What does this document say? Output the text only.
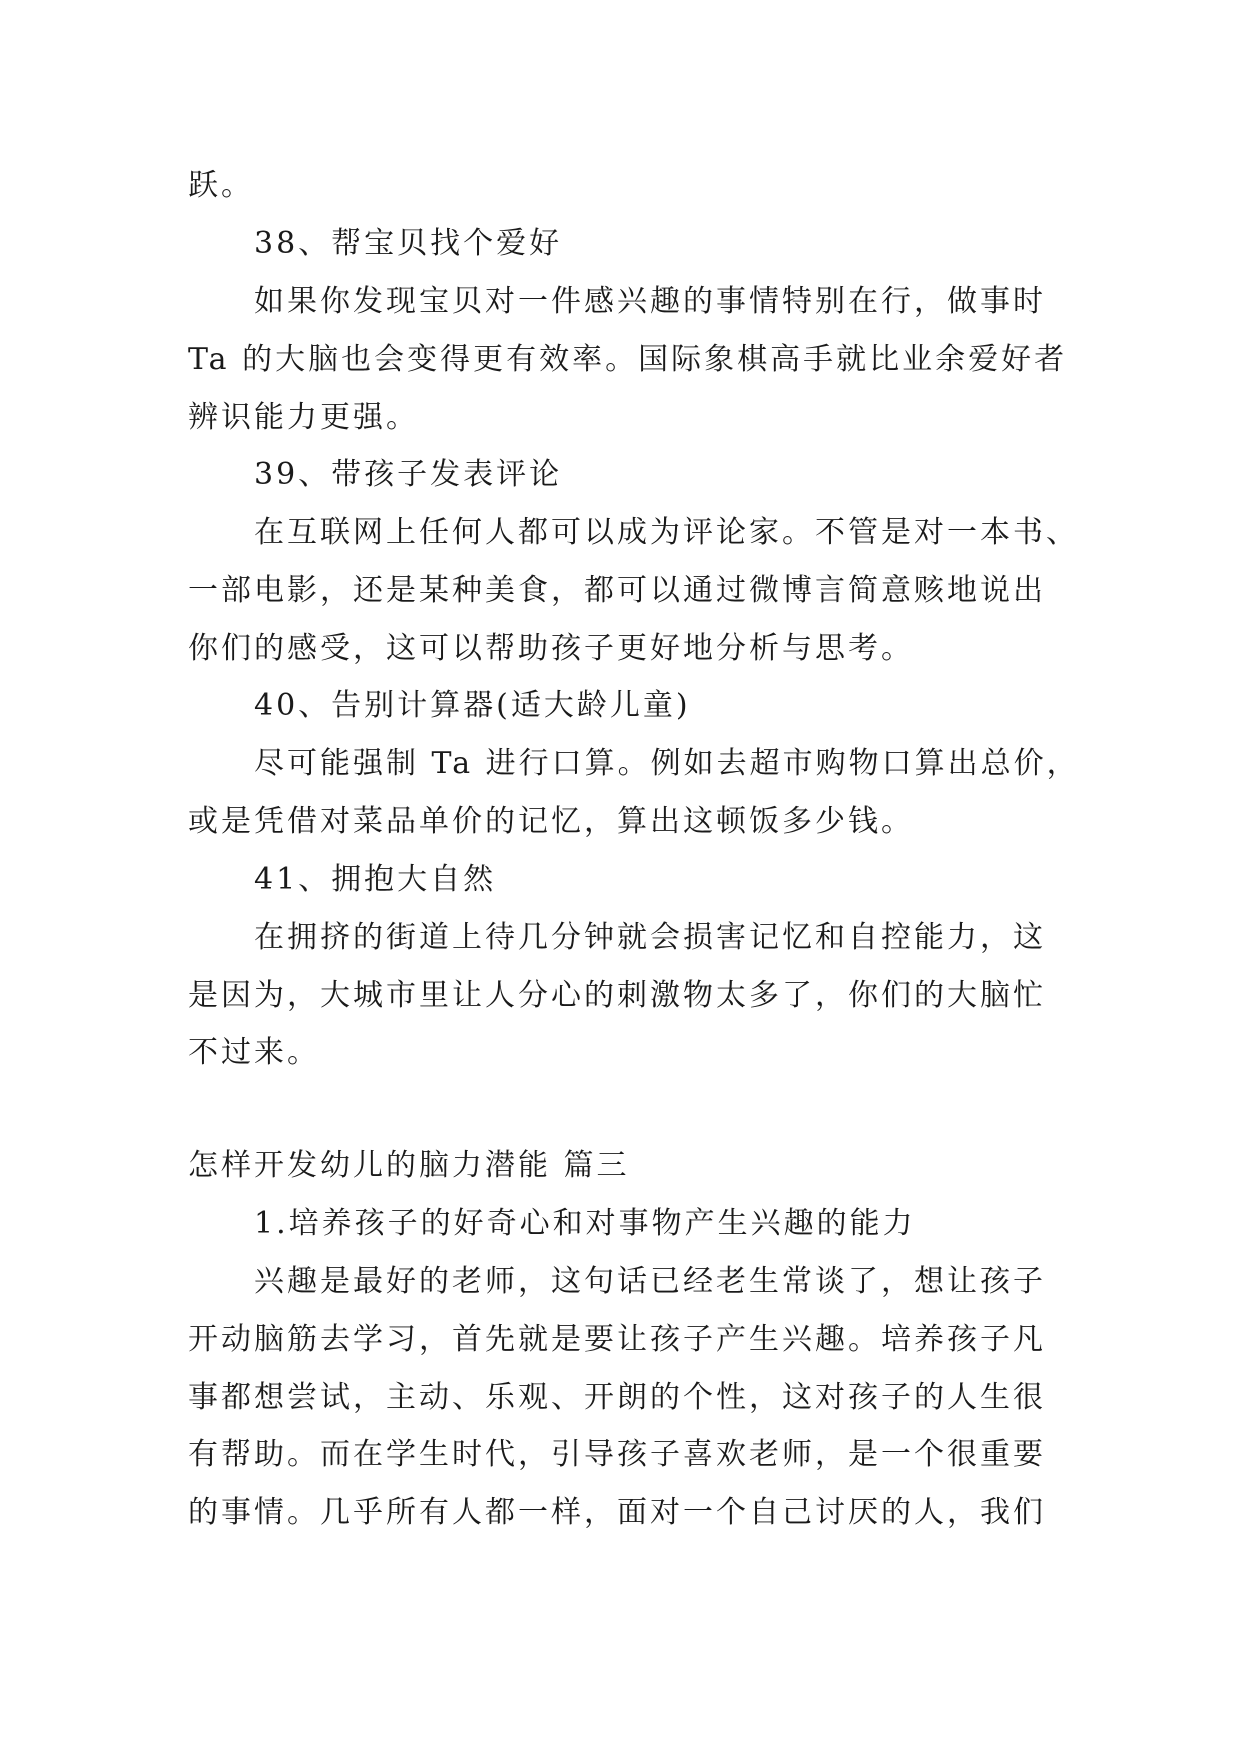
跃。
38、帮宝贝找个爱好
如果你发现宝贝对一件感兴趣的事情特别在行，做事时
Ta 的大脑也会变得更有效率。国际象棋高手就比业余爱好者
辨识能力更强。
39、带孩子发表评论
在互联网上任何人都可以成为评论家。不管是对一本书、
一部电影，还是某种美食，都可以通过微博言简意赅地说出
你们的感受，这可以帮助孩子更好地分析与思考。
40、告别计算器(适大龄儿童)
尽可能强制 Ta 进行口算。例如去超市购物口算出总价，
或是凭借对菜品单价的记忆，算出这顿饭多少钱。
41、拥抱大自然
在拥挤的街道上待几分钟就会损害记忆和自控能力，这
是因为，大城市里让人分心的刺激物太多了，你们的大脑忙
不过来。
怎样开发幼儿的脑力潜能 篇三
1.培养孩子的好奇心和对事物产生兴趣的能力
兴趣是最好的老师，这句话已经老生常谈了，想让孩子
开动脑筋去学习，首先就是要让孩子产生兴趣。培养孩子凡
事都想尝试，主动、乐观、开朗的个性，这对孩子的人生很
有帮助。而在学生时代，引导孩子喜欢老师，是一个很重要
的事情。几乎所有人都一样，面对一个自己讨厌的人，我们
